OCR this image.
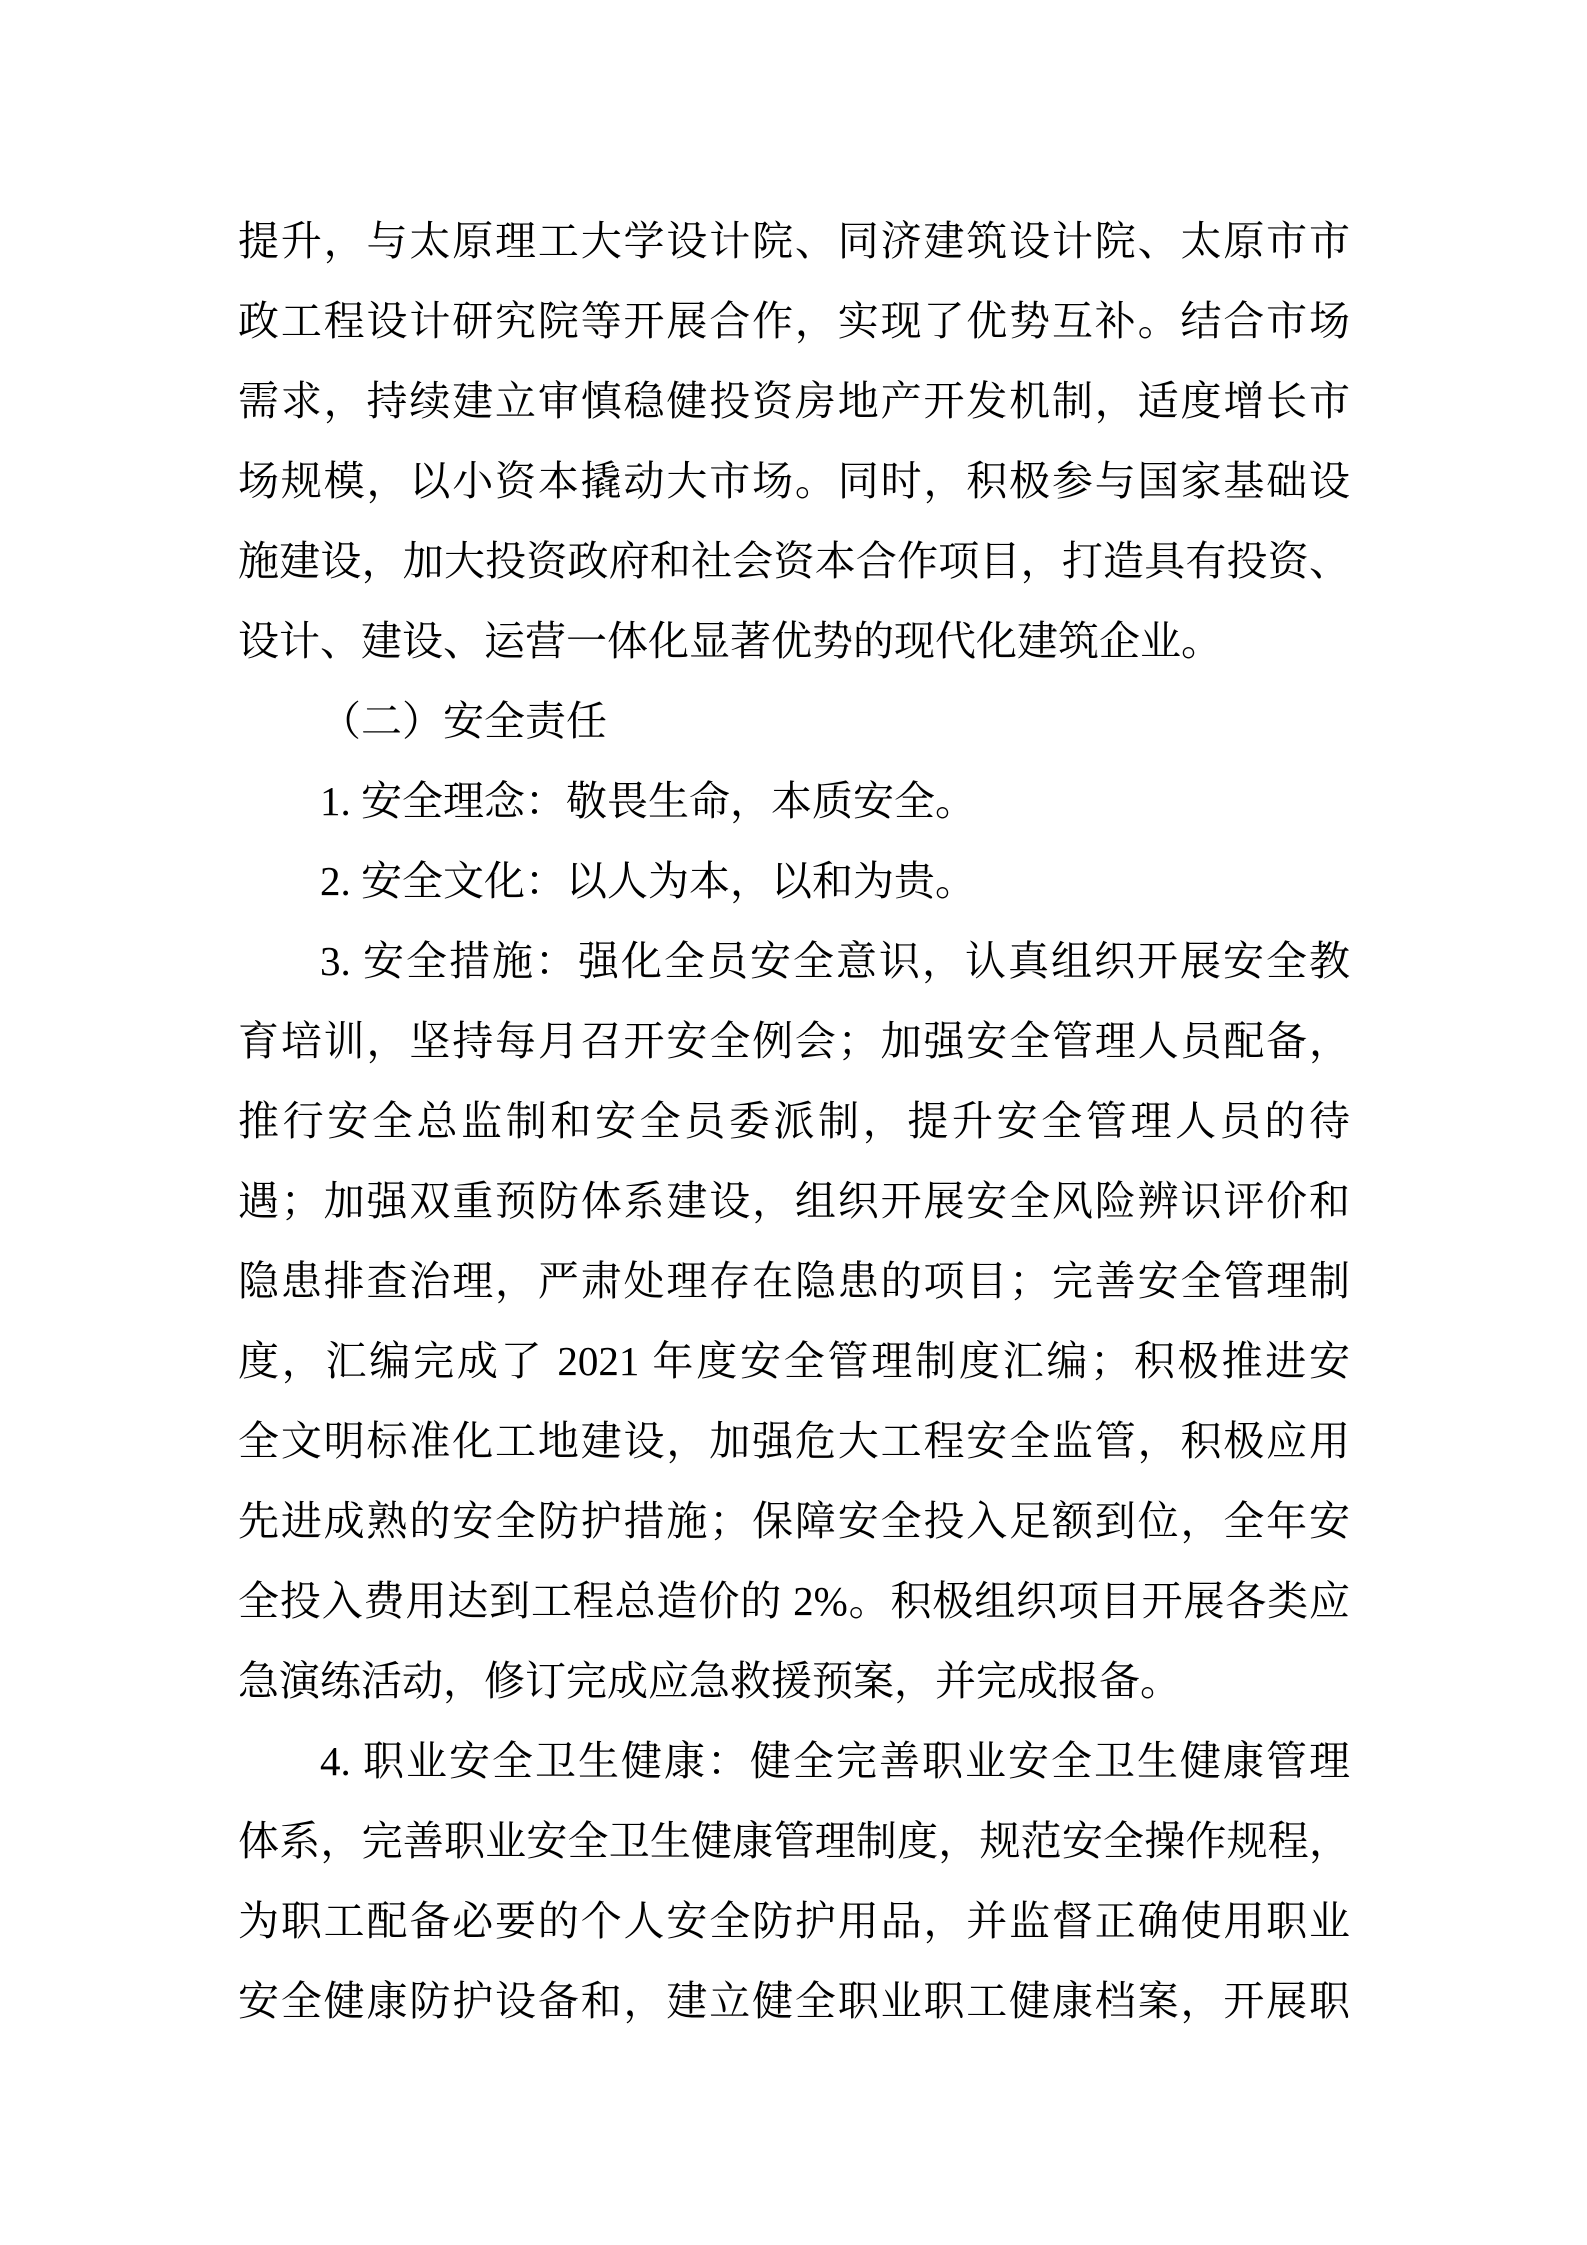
提升，与太原理工大学设计院、同济建筑设计院、太原市市
政工程设计研究院等开展合作，实现了优势互补。结合市场
需求，持续建立审慎稳健投资房地产开发机制，适度增长市
场规模，以小资本撬动大市场。同时，积极参与国家基础设
施建设，加大投资政府和社会资本合作项目，打造具有投资、
设计、建设、运营一体化显著优势的现代化建筑企业。
（二）安全责任
1. 安全理念：敬畏生命，本质安全。
2. 安全文化：以人为本，以和为贵。
3. 安全措施：强化全员安全意识，认真组织开展安全教
育培训，坚持每月召开安全例会；加强安全管理人员配备，
推行安全总监制和安全员委派制，提升安全管理人员的待
遇；加强双重预防体系建设，组织开展安全风险辨识评价和
隐患排查治理，严肃处理存在隐患的项目；完善安全管理制
度，汇编完成了 2021 年度安全管理制度汇编；积极推进安
全文明标准化工地建设，加强危大工程安全监管，积极应用
先进成熟的安全防护措施；保障安全投入足额到位，全年安
全投入费用达到工程总造价的 2%。积极组织项目开展各类应
急演练活动，修订完成应急救援预案，并完成报备。
4. 职业安全卫生健康：健全完善职业安全卫生健康管理
体系，完善职业安全卫生健康管理制度，规范安全操作规程，
为职工配备必要的个人安全防护用品，并监督正确使用职业
安全健康防护设备和，建立健全职业职工健康档案，开展职
